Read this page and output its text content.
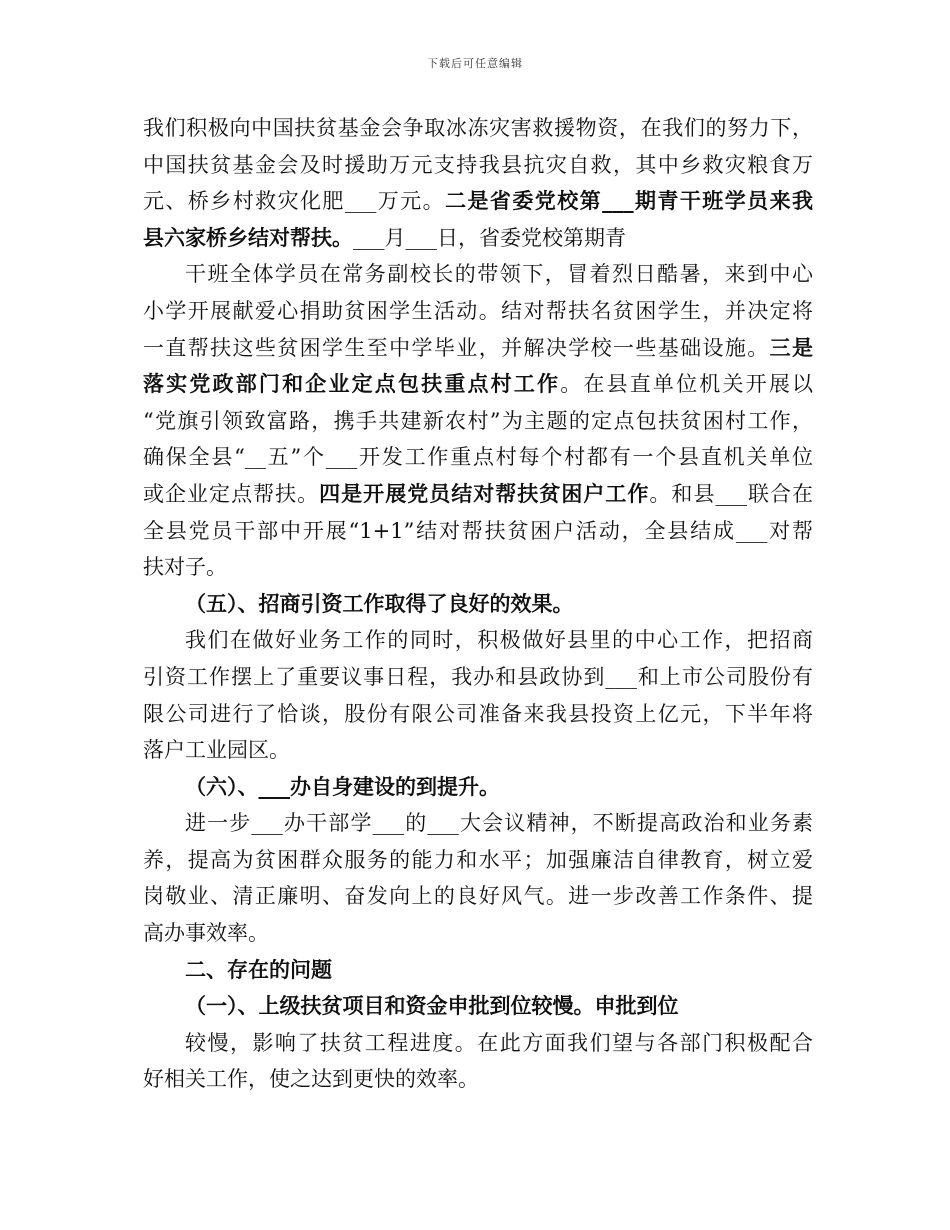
下载后可任意编辑
我们积极向中国扶贫基金会争取冰冻灾害救援物资，在我们的努力下，
中国扶贫基金会及时援助万元支持我县抗灾自救，其中乡救灾粮食万
元、桥乡村救灾化肥___万元。二是省委党校第___期青干班学员来我
县六家桥乡结对帮扶。___月___日，省委党校第期青
干班全体学员在常务副校长的带领下，冒着烈日酷暑，来到中心
小学开展献爱心捐助贫困学生活动。结对帮扶名贫困学生，并决定将
一直帮扶这些贫困学生至中学毕业，并解决学校一些基础设施。三是
落实党政部门和企业定点包扶重点村工作。在县直单位机关开展以
“党旗引领致富路，携手共建新农村”为主题的定点包扶贫困村工作，
确保全县“__五”个___开发工作重点村每个村都有一个县直机关单位
或企业定点帮扶。四是开展党员结对帮扶贫困户工作。和县___联合在
全县党员干部中开展“1+1”结对帮扶贫困户活动，全县结成___对帮
扶对子。
（五）、招商引资工作取得了良好的效果。
我们在做好业务工作的同时，积极做好县里的中心工作，把招商
引资工作摆上了重要议事日程，我办和县政协到___和上市公司股份有
限公司进行了恰谈，股份有限公司准备来我县投资上亿元，下半年将
落户工业园区。
（六）、___办自身建设的到提升。
进一步___办干部学___的___大会议精神，不断提高政治和业务素
养，提高为贫困群众服务的能力和水平；加强廉洁自律教育，树立爱
岗敬业、清正廉明、奋发向上的良好风气。进一步改善工作条件、提
高办事效率。
二、存在的问题
（一）、上级扶贫项目和资金申批到位较慢。申批到位
较慢，影响了扶贫工程进度。在此方面我们望与各部门积极配合
好相关工作，使之达到更快的效率。
